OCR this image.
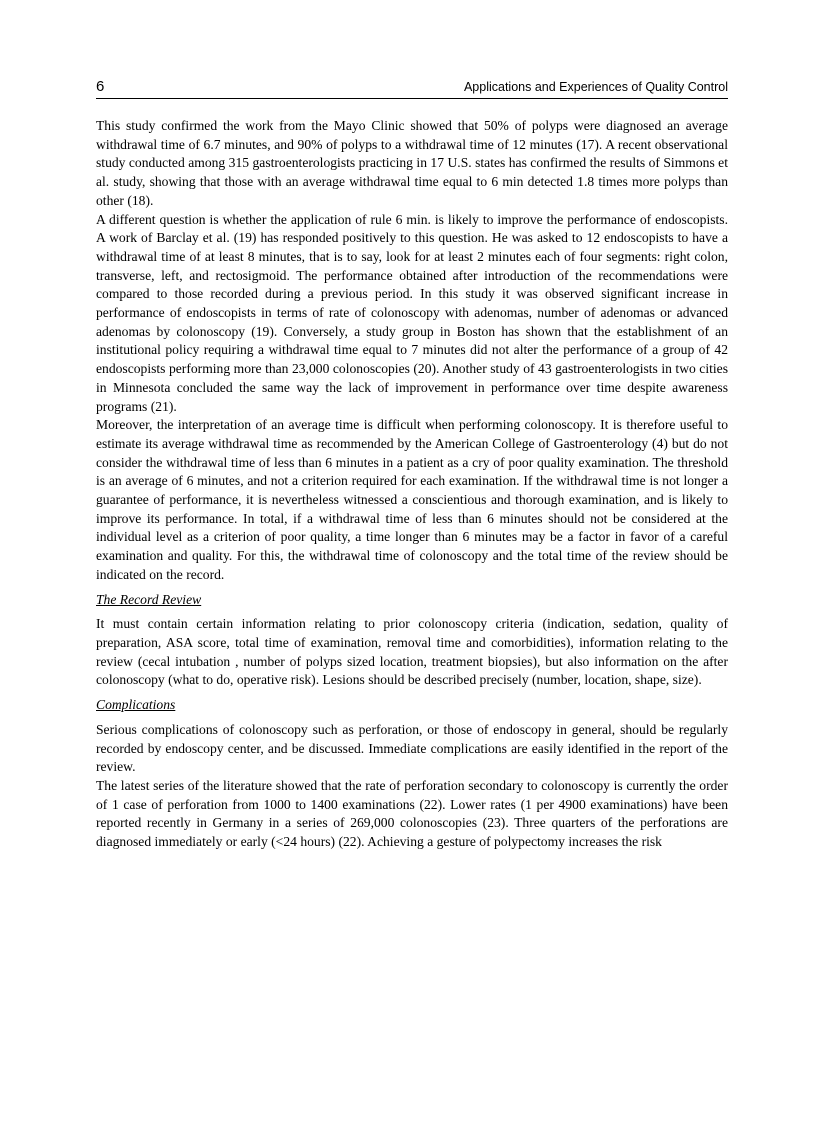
6	Applications and Experiences of Quality Control

This study confirmed the work from the Mayo Clinic showed that 50% of polyps were diagnosed an average withdrawal time of 6.7 minutes, and 90% of polyps to a withdrawal time of 12 minutes (17). A recent observational study conducted among 315 gastroenterologists practicing in 17 U.S. states has confirmed the results of Simmons et al. study, showing that those with an average withdrawal time equal to 6 min detected 1.8 times more polyps than other (18).

A different question is whether the application of rule 6 min. is likely to improve the performance of endoscopists. A work of Barclay et al. (19) has responded positively to this question. He was asked to 12 endoscopists to have a withdrawal time of at least 8 minutes, that is to say, look for at least 2 minutes each of four segments: right colon, transverse, left, and rectosigmoid. The performance obtained after introduction of the recommendations were compared to those recorded during a previous period. In this study it was observed significant increase in performance of endoscopists in terms of rate of colonoscopy with adenomas, number of adenomas or advanced adenomas by colonoscopy (19). Conversely, a study group in Boston has shown that the establishment of an institutional policy requiring a withdrawal time equal to 7 minutes did not alter the performance of a group of 42 endoscopists performing more than 23,000 colonoscopies (20). Another study of 43 gastroenterologists in two cities in Minnesota concluded the same way the lack of improvement in performance over time despite awareness programs (21).

Moreover, the interpretation of an average time is difficult when performing colonoscopy. It is therefore useful to estimate its average withdrawal time as recommended by the American College of Gastroenterology (4) but do not consider the withdrawal time of less than 6 minutes in a patient as a cry of poor quality examination. The threshold is an average of 6 minutes, and not a criterion required for each examination. If the withdrawal time is not longer a guarantee of performance, it is nevertheless witnessed a conscientious and thorough examination, and is likely to improve its performance. In total, if a withdrawal time of less than 6 minutes should not be considered at the individual level as a criterion of poor quality, a time longer than 6 minutes may be a factor in favor of a careful examination and quality. For this, the withdrawal time of colonoscopy and the total time of the review should be indicated on the record.

The Record Review

It must contain certain information relating to prior colonoscopy criteria (indication, sedation, quality of preparation, ASA score, total time of examination, removal time and comorbidities), information relating to the review (cecal intubation , number of polyps sized location, treatment biopsies), but also information on the after colonoscopy (what to do, operative risk). Lesions should be described precisely (number, location, shape, size).

Complications

Serious complications of colonoscopy such as perforation, or those of endoscopy in general, should be regularly recorded by endoscopy center, and be discussed. Immediate complications are easily identified in the report of the review.

The latest series of the literature showed that the rate of perforation secondary to colonoscopy is currently the order of 1 case of perforation from 1000 to 1400 examinations (22). Lower rates (1 per 4900 examinations) have been reported recently in Germany in a series of 269,000 colonoscopies (23). Three quarters of the perforations are diagnosed immediately or early (<24 hours) (22). Achieving a gesture of polypectomy increases the risk
